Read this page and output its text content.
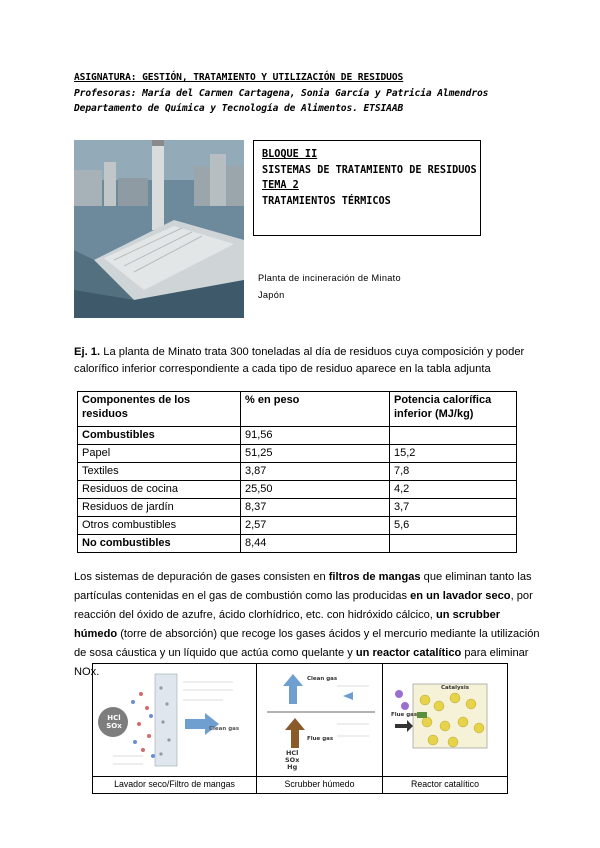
ASIGNATURA: GESTIÓN, TRATAMIENTO Y UTILIZACIÓN DE RESIDUOS
Profesoras: María del Carmen Cartagena, Sonia García y Patricia Almendros
Departamento de Química y Tecnología de Alimentos. ETSIAAB
BLOQUE II
SISTEMAS DE TRATAMIENTO DE RESIDUOS
TEMA 2
TRATAMIENTOS TÉRMICOS
Planta de incineración de Minato
Japón
Ej. 1. La planta de Minato trata 300 toneladas al día de residuos cuya composición y poder calorífico inferior correspondiente a cada tipo de residuo aparece en la tabla adjunta
Componentes de los residuos	% en peso	Potencia calorífica inferior (MJ/kg)
Combustibles	91,56	
Papel	51,25	15,2
Textiles	3,87	7,8
Residuos de cocina	25,50	4,2
Residuos de jardín	8,37	3,7
Otros combustibles	2,57	5,6
No combustibles	8,44	
Los sistemas de depuración de gases consisten en filtros de mangas que eliminan tanto las partículas contenidas en el gas de combustión como las producidas en un lavador seco, por reacción del óxido de azufre, ácido clorhídrico, etc. con hidróxido cálcico, un scrubber húmedo (torre de absorción) que recoge los gases ácidos y el mercurio mediante la utilización de sosa cáustica y un líquido que actúa como quelante y un reactor catalítico para eliminar NOx.
HCl
SOx	Clean gas
Lavador seco/Filtro de mangas
Clean gas
Flue gas
HCl
SOx
Hg
Scrubber húmedo
Catalysis
Flue gas
Reactor catalítico
